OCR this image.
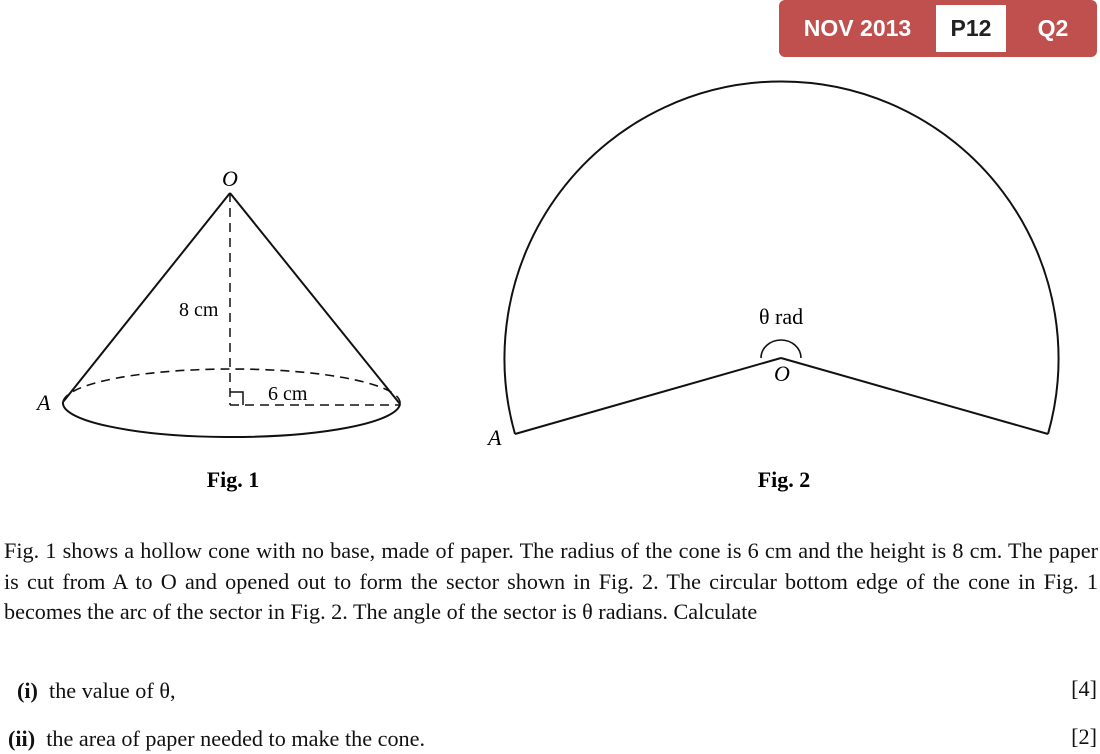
NOV 2013	P12	Q2
O
A
8 cm
6 cm
Fig. 1
θ rad
O
A
Fig. 2
Fig. 1 shows a hollow cone with no base, made of paper. The radius of the cone is 6 cm and the height is 8 cm. The paper is cut from A to O and opened out to form the sector shown in Fig. 2. The circular bottom edge of the cone in Fig. 1 becomes the arc of the sector in Fig. 2. The angle of the sector is θ radians. Calculate
(i) the value of θ,	[4]
(ii) the area of paper needed to make the cone.	[2]
